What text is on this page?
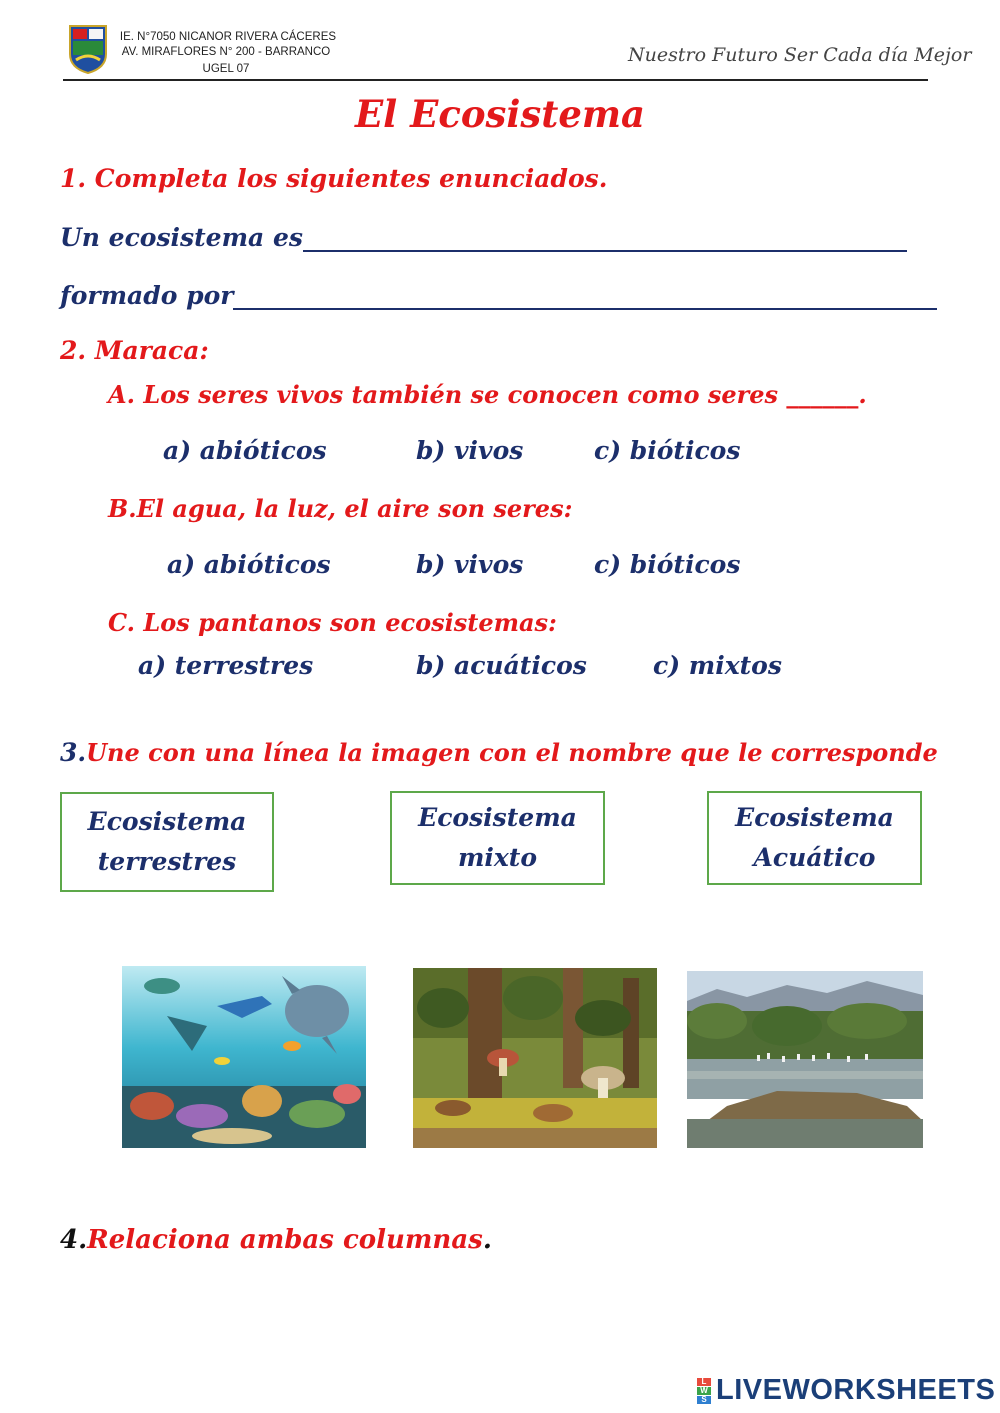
IE. N°7050 NICANOR RIVERA CÁCERES
AV. MIRAFLORES N° 200 - BARRANCO
UGEL 07
Nuestro Futuro Ser Cada día Mejor
El Ecosistema
1. Completa los siguientes enunciados.
Un ecosistema es
formado por
2. Maraca:
A. Los seres vivos también se conocen como seres ______.
a) abióticos	b) vivos	c) bióticos
B.El agua, la luz, el aire son seres:
a) abióticos	b) vivos	c) bióticos
C. Los pantanos son ecosistemas:
a) terrestres	b) acuáticos	c) mixtos
3.Une con una línea la imagen con el nombre que le corresponde
Ecosistema
terrestres
Ecosistema
mixto
Ecosistema
Acuático
4.Relaciona ambas columnas.
L
W
S LIVEWORKSHEETS
